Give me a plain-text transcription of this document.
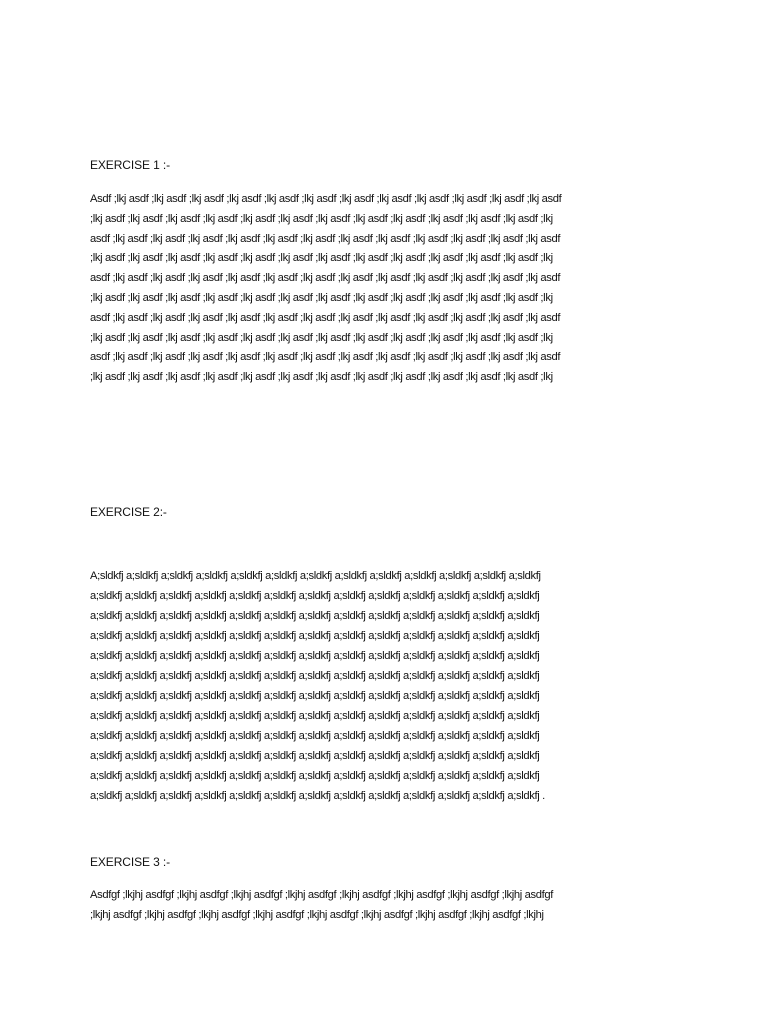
EXERCISE 1 :-
Asdf ;lkj asdf ;lkj asdf ;lkj asdf ;lkj asdf ;lkj asdf ;lkj asdf ;lkj asdf ;lkj asdf ;lkj asdf ;lkj asdf ;lkj asdf ;lkj asdf
;lkj asdf ;lkj asdf ;lkj asdf ;lkj asdf ;lkj asdf ;lkj asdf ;lkj asdf ;lkj asdf ;lkj asdf ;lkj asdf ;lkj asdf ;lkj asdf ;lkj
asdf ;lkj asdf ;lkj asdf ;lkj asdf ;lkj asdf ;lkj asdf ;lkj asdf ;lkj asdf ;lkj asdf ;lkj asdf ;lkj asdf ;lkj asdf ;lkj asdf
;lkj asdf ;lkj asdf ;lkj asdf ;lkj asdf ;lkj asdf ;lkj asdf ;lkj asdf ;lkj asdf ;lkj asdf ;lkj asdf ;lkj asdf ;lkj asdf ;lkj
asdf ;lkj asdf ;lkj asdf ;lkj asdf ;lkj asdf ;lkj asdf ;lkj asdf ;lkj asdf ;lkj asdf ;lkj asdf ;lkj asdf ;lkj asdf ;lkj asdf
;lkj asdf ;lkj asdf ;lkj asdf ;lkj asdf ;lkj asdf ;lkj asdf ;lkj asdf ;lkj asdf ;lkj asdf ;lkj asdf ;lkj asdf ;lkj asdf ;lkj
asdf ;lkj asdf ;lkj asdf ;lkj asdf ;lkj asdf ;lkj asdf ;lkj asdf ;lkj asdf ;lkj asdf ;lkj asdf ;lkj asdf ;lkj asdf ;lkj asdf
;lkj asdf ;lkj asdf ;lkj asdf ;lkj asdf ;lkj asdf ;lkj asdf ;lkj asdf ;lkj asdf ;lkj asdf ;lkj asdf ;lkj asdf ;lkj asdf ;lkj
asdf ;lkj asdf ;lkj asdf ;lkj asdf ;lkj asdf ;lkj asdf ;lkj asdf ;lkj asdf ;lkj asdf ;lkj asdf ;lkj asdf ;lkj asdf ;lkj asdf
;lkj asdf ;lkj asdf ;lkj asdf ;lkj asdf ;lkj asdf ;lkj asdf ;lkj asdf ;lkj asdf ;lkj asdf ;lkj asdf ;lkj asdf ;lkj asdf ;lkj
EXERCISE 2:-
A;sldkfj a;sldkfj a;sldkfj a;sldkfj a;sldkfj a;sldkfj a;sldkfj a;sldkfj a;sldkfj a;sldkfj a;sldkfj a;sldkfj a;sldkfj
a;sldkfj a;sldkfj a;sldkfj a;sldkfj a;sldkfj a;sldkfj a;sldkfj a;sldkfj a;sldkfj a;sldkfj a;sldkfj a;sldkfj a;sldkfj
a;sldkfj a;sldkfj a;sldkfj a;sldkfj a;sldkfj a;sldkfj a;sldkfj a;sldkfj a;sldkfj a;sldkfj a;sldkfj a;sldkfj a;sldkfj
a;sldkfj a;sldkfj a;sldkfj a;sldkfj a;sldkfj a;sldkfj a;sldkfj a;sldkfj a;sldkfj a;sldkfj a;sldkfj a;sldkfj a;sldkfj
a;sldkfj a;sldkfj a;sldkfj a;sldkfj a;sldkfj a;sldkfj a;sldkfj a;sldkfj a;sldkfj a;sldkfj a;sldkfj a;sldkfj a;sldkfj
a;sldkfj a;sldkfj a;sldkfj a;sldkfj a;sldkfj a;sldkfj a;sldkfj a;sldkfj a;sldkfj a;sldkfj a;sldkfj a;sldkfj a;sldkfj
a;sldkfj a;sldkfj a;sldkfj a;sldkfj a;sldkfj a;sldkfj a;sldkfj a;sldkfj a;sldkfj a;sldkfj a;sldkfj a;sldkfj a;sldkfj
a;sldkfj a;sldkfj a;sldkfj a;sldkfj a;sldkfj a;sldkfj a;sldkfj a;sldkfj a;sldkfj a;sldkfj a;sldkfj a;sldkfj a;sldkfj
a;sldkfj a;sldkfj a;sldkfj a;sldkfj a;sldkfj a;sldkfj a;sldkfj a;sldkfj a;sldkfj a;sldkfj a;sldkfj a;sldkfj a;sldkfj
a;sldkfj a;sldkfj a;sldkfj a;sldkfj a;sldkfj a;sldkfj a;sldkfj a;sldkfj a;sldkfj a;sldkfj a;sldkfj a;sldkfj a;sldkfj
a;sldkfj a;sldkfj a;sldkfj a;sldkfj a;sldkfj a;sldkfj a;sldkfj a;sldkfj a;sldkfj a;sldkfj a;sldkfj a;sldkfj a;sldkfj
a;sldkfj a;sldkfj a;sldkfj a;sldkfj a;sldkfj a;sldkfj a;sldkfj a;sldkfj a;sldkfj a;sldkfj a;sldkfj a;sldkfj a;sldkfj .
EXERCISE 3 :-
Asdfgf ;lkjhj asdfgf ;lkjhj asdfgf ;lkjhj asdfgf ;lkjhj asdfgf ;lkjhj asdfgf ;lkjhj asdfgf ;lkjhj asdfgf ;lkjhj asdfgf
;lkjhj asdfgf ;lkjhj asdfgf ;lkjhj asdfgf ;lkjhj asdfgf ;lkjhj asdfgf ;lkjhj asdfgf ;lkjhj asdfgf ;lkjhj asdfgf ;lkjhj
